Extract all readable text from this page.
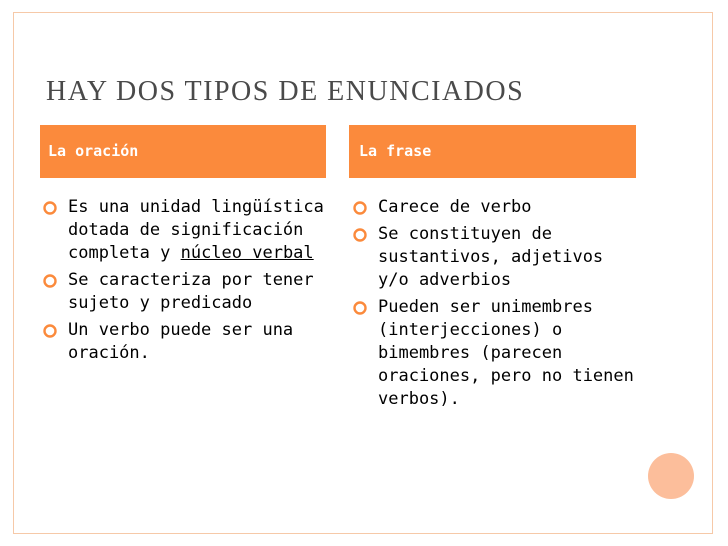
HAY DOS TIPOS DE ENUNCIADOS
La oración	La frase
Es una unidad lingüística dotada de significación completa y núcleo verbal
Se caracteriza por tener sujeto y predicado
Un verbo puede ser una oración.
Carece de verbo
Se constituyen de sustantivos, adjetivos y/o adverbios
Pueden ser unimembres (interjecciones) o bimembres (parecen oraciones, pero no tienen verbos).
